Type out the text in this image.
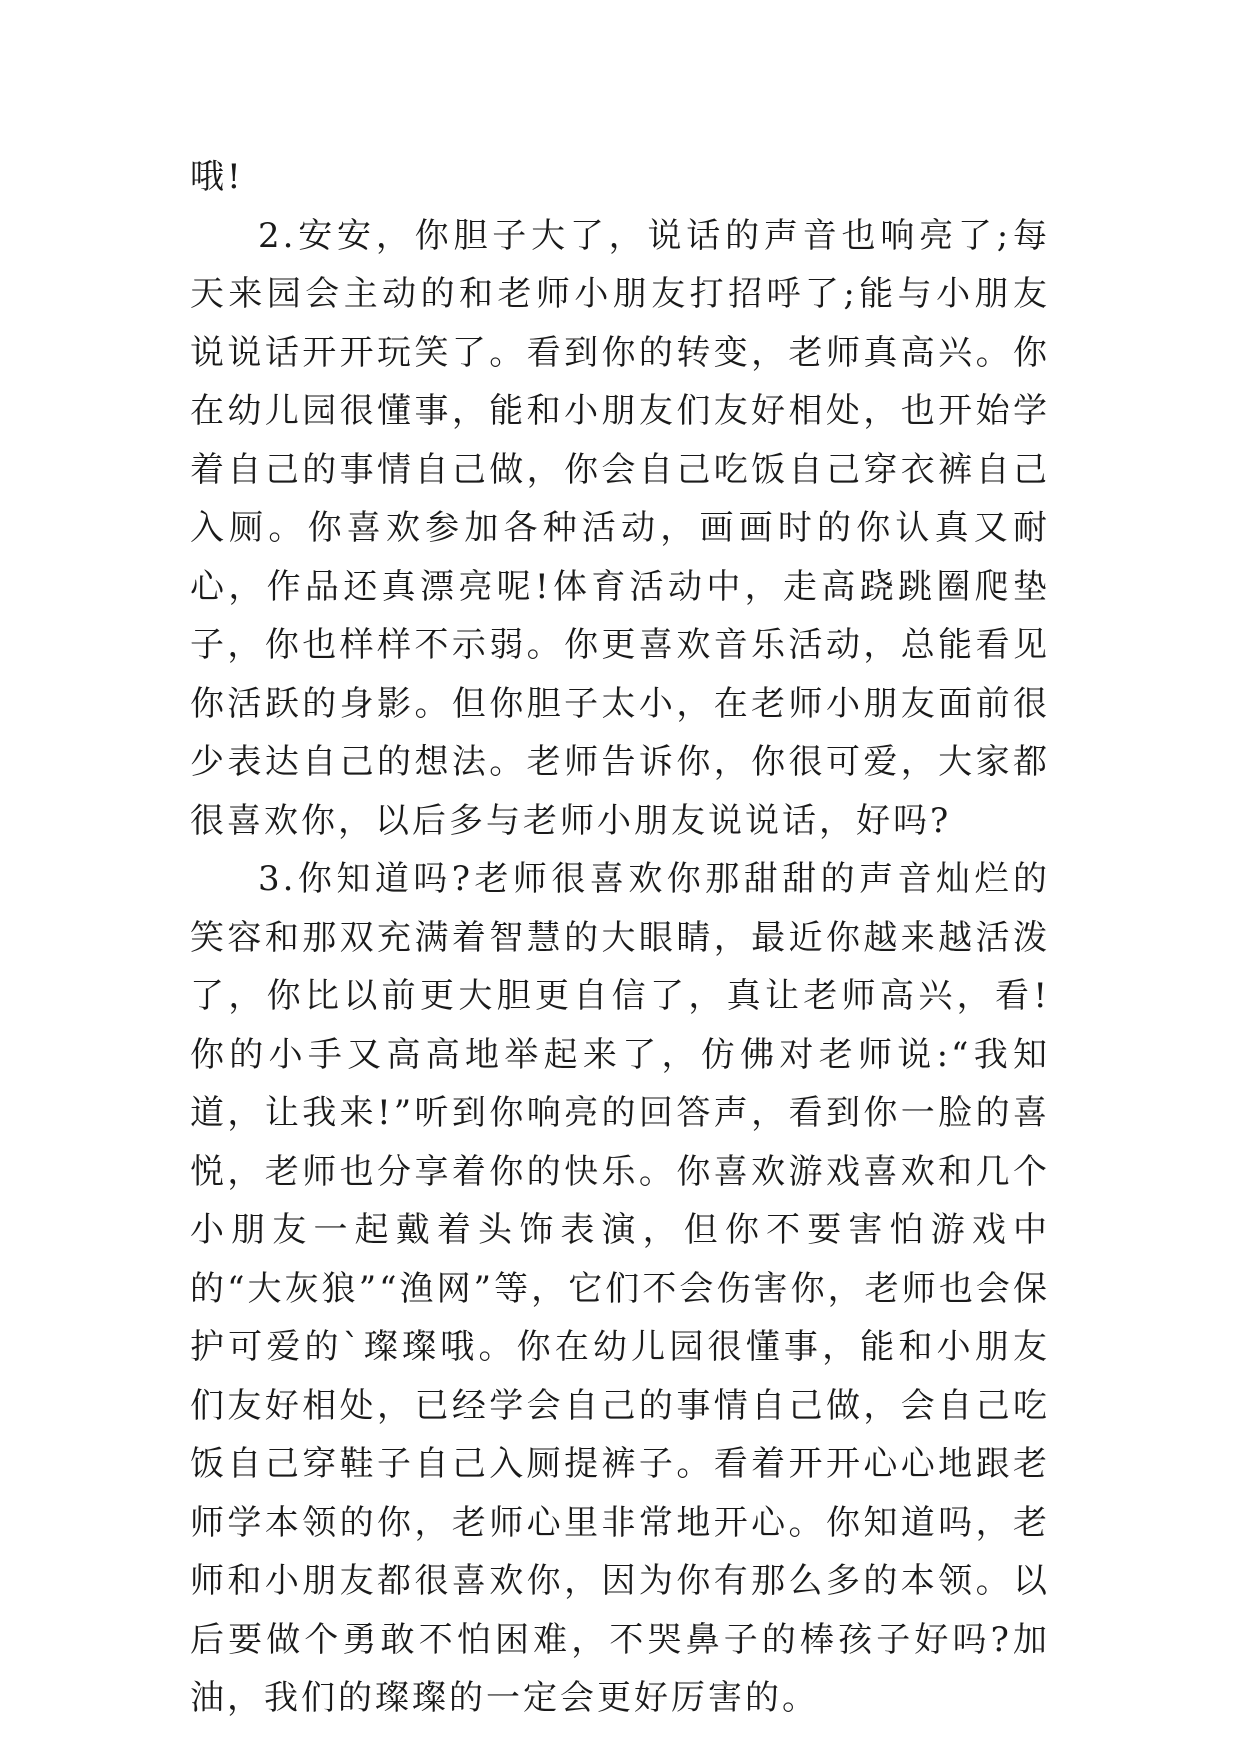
哦!

2.安安，你胆子大了，说话的声音也响亮了;每天来园会主动的和老师小朋友打招呼了;能与小朋友说说话开开玩笑了。看到你的转变，老师真高兴。你在幼儿园很懂事，能和小朋友们友好相处，也开始学着自己的事情自己做，你会自己吃饭自己穿衣裤自己入厕。你喜欢参加各种活动，画画时的你认真又耐心，作品还真漂亮呢!体育活动中，走高跷跳圈爬垫子，你也样样不示弱。你更喜欢音乐活动，总能看见你活跃的身影。但你胆子太小，在老师小朋友面前很少表达自己的想法。老师告诉你，你很可爱，大家都很喜欢你，以后多与老师小朋友说说话，好吗?

3.你知道吗?老师很喜欢你那甜甜的声音灿烂的笑容和那双充满着智慧的大眼睛，最近你越来越活泼了，你比以前更大胆更自信了，真让老师高兴，看!你的小手又高高地举起来了，仿佛对老师说:“我知道，让我来!”听到你响亮的回答声，看到你一脸的喜悦，老师也分享着你的快乐。你喜欢游戏喜欢和几个小朋友一起戴着头饰表演，但你不要害怕游戏中的“大灰狼”“渔网”等，它们不会伤害你，老师也会保护可爱的`璨璨哦。你在幼儿园很懂事，能和小朋友们友好相处，已经学会自己的事情自己做，会自己吃饭自己穿鞋子自己入厕提裤子。看着开开心心地跟老师学本领的你，老师心里非常地开心。你知道吗，老师和小朋友都很喜欢你，因为你有那么多的本领。以后要做个勇敢不怕困难，不哭鼻子的棒孩子好吗?加油，我们的璨璨的一定会更好厉害的。
